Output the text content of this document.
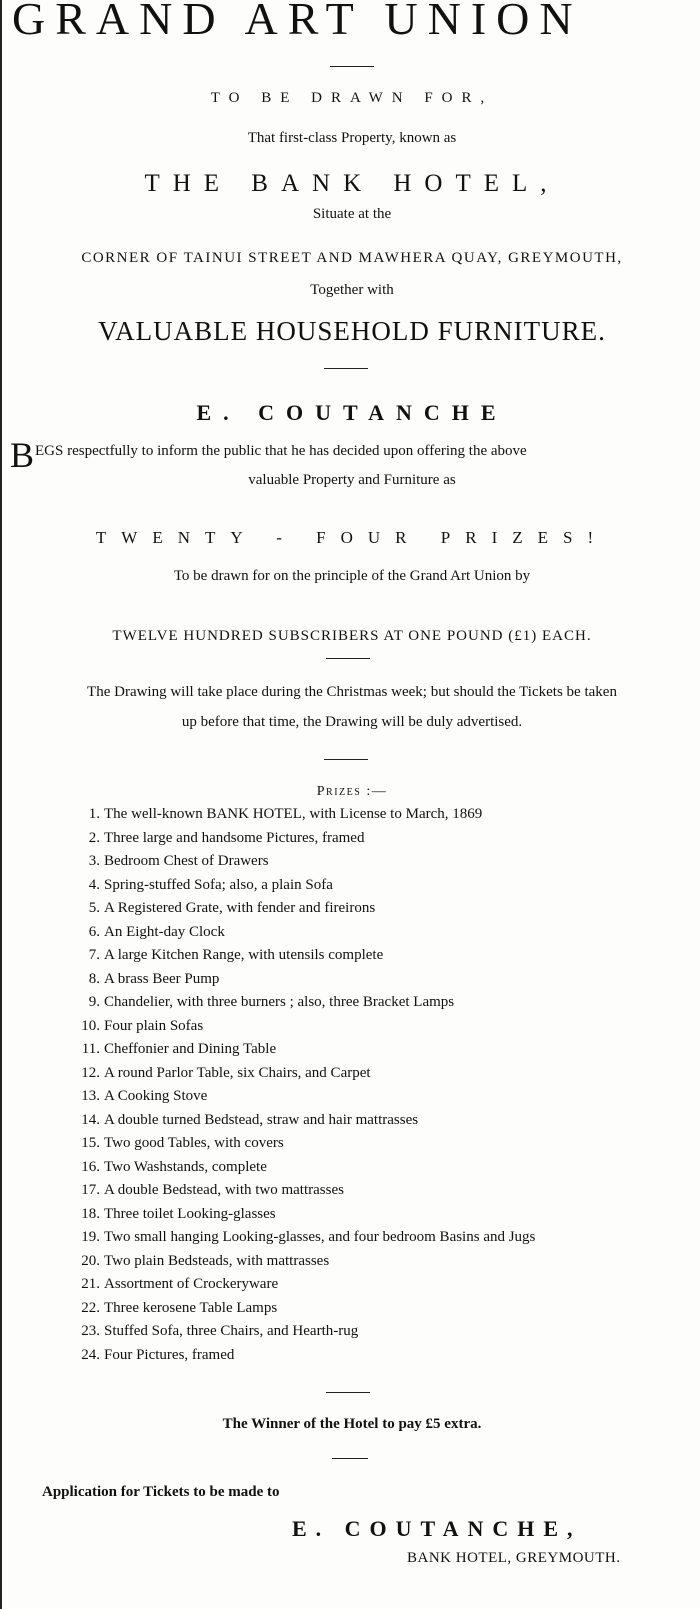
GRAND ART UNION
TO BE DRAWN FOR,
That first-class Property, known as
THE BANK HOTEL,
Situate at the
CORNER OF TAINUI STREET AND MAWHERA QUAY, GREYMOUTH,
Together with
VALUABLE HOUSEHOLD FURNITURE.
E. COUTANCHE
BEGS respectfully to inform the public that he has decided upon offering the above
valuable Property and Furniture as
TWENTY - FOUR PRIZES!
To be drawn for on the principle of the Grand Art Union by
TWELVE HUNDRED SUBSCRIBERS AT ONE POUND (£1) EACH.
The Drawing will take place during the Christmas week; but should the Tickets be taken
up before that time, the Drawing will be duly advertised.
Prizes :—
1. The well-known BANK HOTEL, with License to March, 1869
2. Three large and handsome Pictures, framed
3. Bedroom Chest of Drawers
4. Spring-stuffed Sofa; also, a plain Sofa
5. A Registered Grate, with fender and fireirons
6. An Eight-day Clock
7. A large Kitchen Range, with utensils complete
8. A brass Beer Pump
9. Chandelier, with three burners ; also, three Bracket Lamps
10. Four plain Sofas
11. Cheffonier and Dining Table
12. A round Parlor Table, six Chairs, and Carpet
13. A Cooking Stove
14. A double turned Bedstead, straw and hair mattrasses
15. Two good Tables, with covers
16. Two Washstands, complete
17. A double Bedstead, with two mattrasses
18. Three toilet Looking-glasses
19. Two small hanging Looking-glasses, and four bedroom Basins and Jugs
20. Two plain Bedsteads, with mattrasses
21. Assortment of Crockeryware
22. Three kerosene Table Lamps
23. Stuffed Sofa, three Chairs, and Hearth-rug
24. Four Pictures, framed
The Winner of the Hotel to pay £5 extra.
Application for Tickets to be made to
E. COUTANCHE,
BANK HOTEL, GREYMOUTH.
